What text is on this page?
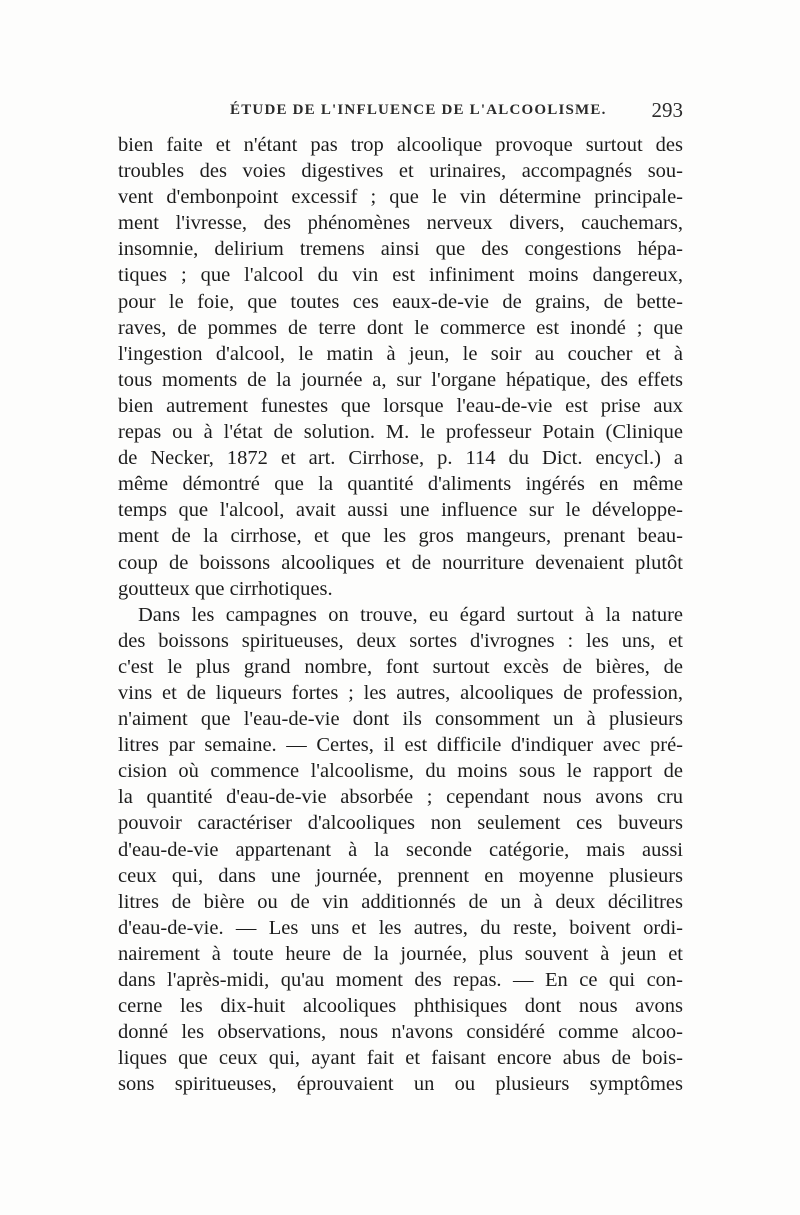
ÉTUDE DE L'INFLUENCE DE L'ALCOOLISME. 293
bien faite et n'étant pas trop alcoolique provoque surtout des
troubles des voies digestives et urinaires, accompagnés sou-
vent d'embonpoint excessif ; que le vin détermine principale-
ment l'ivresse, des phénomènes nerveux divers, cauchemars,
insomnie, delirium tremens ainsi que des congestions hépa-
tiques ; que l'alcool du vin est infiniment moins dangereux,
pour le foie, que toutes ces eaux-de-vie de grains, de bette-
raves, de pommes de terre dont le commerce est inondé ; que
l'ingestion d'alcool, le matin à jeun, le soir au coucher et à
tous moments de la journée a, sur l'organe hépatique, des effets
bien autrement funestes que lorsque l'eau-de-vie est prise aux
repas ou à l'état de solution. M. le professeur Potain (Clinique
de Necker, 1872 et art. Cirrhose, p. 114 du Dict. encycl.) a
même démontré que la quantité d'aliments ingérés en même
temps que l'alcool, avait aussi une influence sur le développe-
ment de la cirrhose, et que les gros mangeurs, prenant beau-
coup de boissons alcooliques et de nourriture devenaient plutôt
goutteux que cirrhotiques.
Dans les campagnes on trouve, eu égard surtout à la nature
des boissons spiritueuses, deux sortes d'ivrognes : les uns, et
c'est le plus grand nombre, font surtout excès de bières, de
vins et de liqueurs fortes ; les autres, alcooliques de profession,
n'aiment que l'eau-de-vie dont ils consomment un à plusieurs
litres par semaine. — Certes, il est difficile d'indiquer avec pré-
cision où commence l'alcoolisme, du moins sous le rapport de
la quantité d'eau-de-vie absorbée ; cependant nous avons cru
pouvoir caractériser d'alcooliques non seulement ces buveurs
d'eau-de-vie appartenant à la seconde catégorie, mais aussi
ceux qui, dans une journée, prennent en moyenne plusieurs
litres de bière ou de vin additionnés de un à deux décilitres
d'eau-de-vie. — Les uns et les autres, du reste, boivent ordi-
nairement à toute heure de la journée, plus souvent à jeun et
dans l'après-midi, qu'au moment des repas. — En ce qui con-
cerne les dix-huit alcooliques phthisiques dont nous avons
donné les observations, nous n'avons considéré comme alcoo-
liques que ceux qui, ayant fait et faisant encore abus de bois-
sons spiritueuses, éprouvaient un ou plusieurs symptômes
